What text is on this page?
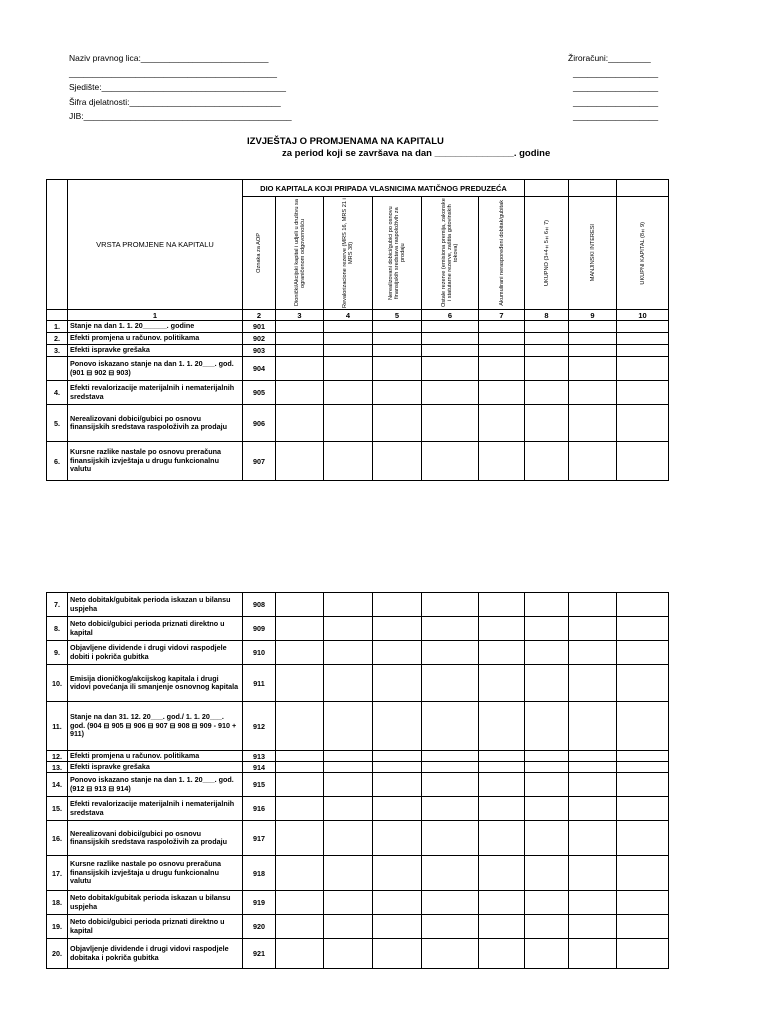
Naziv pravnog lica:___________________________
____________________________________________
Sjedište:_______________________________________
Šifra djelatnosti:________________________________
JIB:____________________________________________
Žiroračuni:_________
__________________
__________________
__________________
__________________
IZVJEŠTAJ O PROMJENAMA NA KAPITALU
za period koji se završava na dan _______________. godine
	VRSTA PROMJENE NA KAPITALU	DIO KAPITALA KOJI PRIPADA VLASNICIMA MATIČNOG PREDUZEĆA								

		Oznaka za AOP	Dionički/Akcijski kapital i udjeli u društvu sa ograničenom odgovornošću	Revalorizacione rezerve (MRS 16, MRS 21 i MRS 38)	Nerealizovani dobici/gubici po osnovu finansijskih sredstava raspoloživih za prodaju	Ostale rezerve (emisiona premija, zakonske i statutarne rezerve, zaštita gotovinskih tokova)	Akumulirani neraspoređeni dobitak/gubitak	UKUPNO (3+4±5±6±7)	MANJINSKI INTERESI	UKUPNI KAPITAL (8±9)

	1	2	3	4	5	6	7	8	9	10
1.	Stanje na dan 1. 1. 20______. godine	901								
2.	Efekti promjena u računov. politikama	902								
3.	Efekti ispravke grešaka	903								
	Ponovo iskazano stanje na dan 1. 1. 20___. god. (901 ⊟ 902 ⊟ 903)	904								
4.	Efekti revalorizacije materijalnih i nematerijalnih sredstava	905								
5.	Nerealizovani dobici/gubici po osnovu finansijskih sredstava raspoloživih za prodaju	906								
6.	Kursne razlike nastale po osnovu preračuna finansijskih izvještaja u drugu funkcionalnu valutu	907								
7.	Neto dobitak/gubitak perioda iskazan u bilansu uspjeha	908								
8.	Neto dobici/gubici perioda priznati direktno u kapital	909								
9.	Objavljene dividende i drugi vidovi raspodjele dobiti i pokriča gubitka	910								
10.	Emisija dioničkog/akcijskog kapitala i drugi vidovi povećanja ili smanjenje osnovnog kapitala	911								
11.	Stanje na dan 31. 12. 20___. god./ 1. 1. 20___. god. (904 ⊟ 905 ⊟ 906 ⊟ 907 ⊟ 908 ⊟ 909 - 910 + 911)	912								
12.	Efekti promjena u računov. politikama	913								
13.	Efekti ispravke grešaka	914								
14.	Ponovo iskazano stanje na dan 1. 1. 20___. god. (912 ⊟ 913 ⊟ 914)	915								
15.	Efekti revalorizacije materijalnih i nematerijalnih sredstava	916								
16.	Nerealizovani dobici/gubici po osnovu finansijskih sredstava raspoloživih za prodaju	917								
17.	Kursne razlike nastale po osnovu preračuna finansijskih izvještaja u drugu funkcionalnu valutu	918								
18.	Neto dobitak/gubitak perioda iskazan u bilansu uspjeha	919								
19.	Neto dobici/gubici perioda priznati direktno u kapital	920								
20.	Objavljenje dividende i drugi vidovi raspodjele dobitaka i pokriča gubitka	921								
